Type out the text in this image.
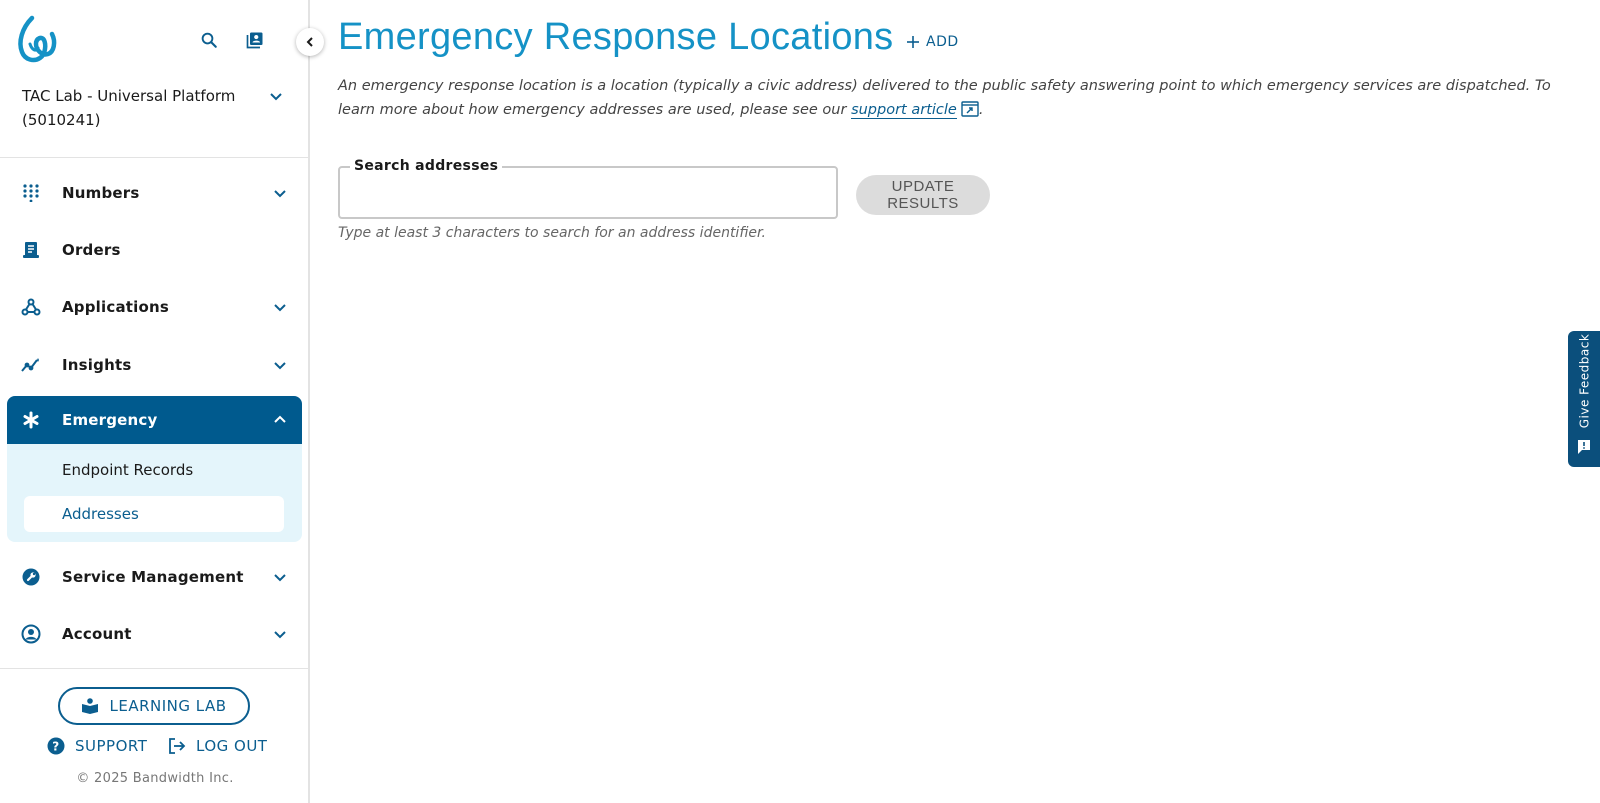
TAC Lab - Universal Platform (5010241)
Numbers
Orders
Applications
Insights
Emergency
Endpoint Records
Addresses
Service Management
Account
LEARNING LAB
? SUPPORT	LOG OUT
© 2025 Bandwidth Inc.
Emergency Response Locations ADD

An emergency response location is a location (typically a civic address) delivered to the public safety answering point to which emergency services are dispatched. To learn more about how emergency addresses are used, please see our support article .

Search addresses
UPDATE RESULTS
Type at least 3 characters to search for an address identifier.
Give Feedback
